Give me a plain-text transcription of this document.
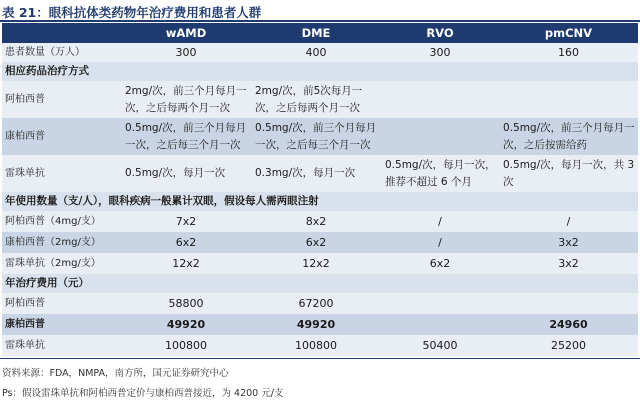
表 21：眼科抗体类药物年治疗费用和患者人群
	wAMD	DME	RVO	pmCNV
患者数量（万人）	300	400	300	160
相应药品治疗方式				
阿柏西普	2mg/次，前三个月每月一次，之后每两个月一次	2mg/次，前5次每月一次，之后每两个月一次		
康柏西普	0.5mg/次，前三个月每月一次，之后每三个月一次	0.5mg/次，前三个月每月一次，之后每三个月一次		0.5mg/次，前三个月每月一次，之后按需给药
雷珠单抗	0.5mg/次，每月一次	0.3mg/次，每月一次	0.5mg/次，每月一次，推荐不超过 6 个月	0.5mg/次，每月一次，共 3 次
年使用数量（支/人），眼科疾病一般累计双眼，假设每人需两眼注射				
阿柏西普（4mg/支）	7x2	8x2	/	/
康柏西普（2mg/支）	6x2	6x2	/	3x2
雷珠单抗（2mg/支）	12x2	12x2	6x2	3x2
年治疗费用（元）				
阿柏西普	58800	67200		
康柏西普	49920	49920		24960
雷珠单抗	100800	100800	50400	25200
资料来源：FDA，NMPA，南方所，国元证券研究中心
Ps：假设雷珠单抗和阿柏西普定价与康柏西普接近，为 4200 元/支
